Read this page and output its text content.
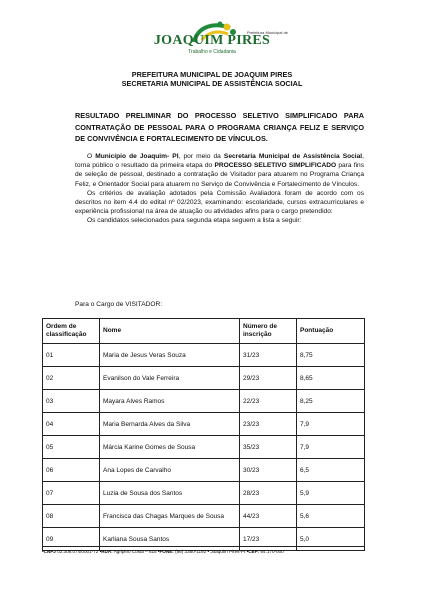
Prefeitura Municipal de
JOAQUIM PIRES
Trabalho e Cidadania
PREFEITURA MUNICIPAL DE JOAQUIM PIRES
SECRETARIA MUNICIPAL DE ASSISTÊNCIA SOCIAL
RESULTADO PRELIMINAR DO PROCESSO SELETIVO SIMPLIFICADO PARA CONTRATAÇÃO DE PESSOAL PARA O PROGRAMA CRIANÇA FELIZ E SERVIÇO DE CONVIVÊNCIA E FORTALECIMENTO DE VÍNCULOS.

O Município de Joaquim- PI, por meio da Secretaria Municipal de Assistência Social, torna público o resultado da primeira etapa do PROCESSO SELETIVO SIMPLIFICADO para fins de seleção de pessoal, destinado a contratação de Visitador para atuarem no Programa Criança Feliz, e Orientador Social para atuarem no Serviço de Convivência e Fortalecimento de Vínculos.

Os critérios de avaliação adotados pela Comissão Avaliadora foram de acordo com os descritos no item 4.4 do edital nº 02/2023, examinando: escolaridade, cursos extracurriculares e experiência profissional na área de atuação ou atividades afins para o cargo pretendido:

Os candidatos selecionados para segunda etapa seguem a lista a seguir:

Para o Cargo de VISITADOR:
Ordem de classificação	Nome	Número de inscrição	Pontuação
01	Maria de Jesus Veras Souza	31/23	8,75
02	Evanilson do Vale Ferreira	29/23	8,65
03	Mayara Alves Ramos	22/23	8,25
04	Maria Bernarda Alves da Silva	23/23	7,9
05	Márcia Karine Gomes de Sousa	35/23	7,9
06	Ana Lopes de Carvalho	30/23	6,5
07	Luzia de Sousa dos Santos	28/23	5,9
08	Francisca das Chagas Marques de Sousa	44/23	5,6
09	Karliana Sousa Santos	17/23	5,0
•CNPJ 02.308.074/0001-72 •RUA: Agripino Costa – 615 •FONE: (86) 3360-1192 • Joaquim Pires-PI •CEP: 64.170-000
